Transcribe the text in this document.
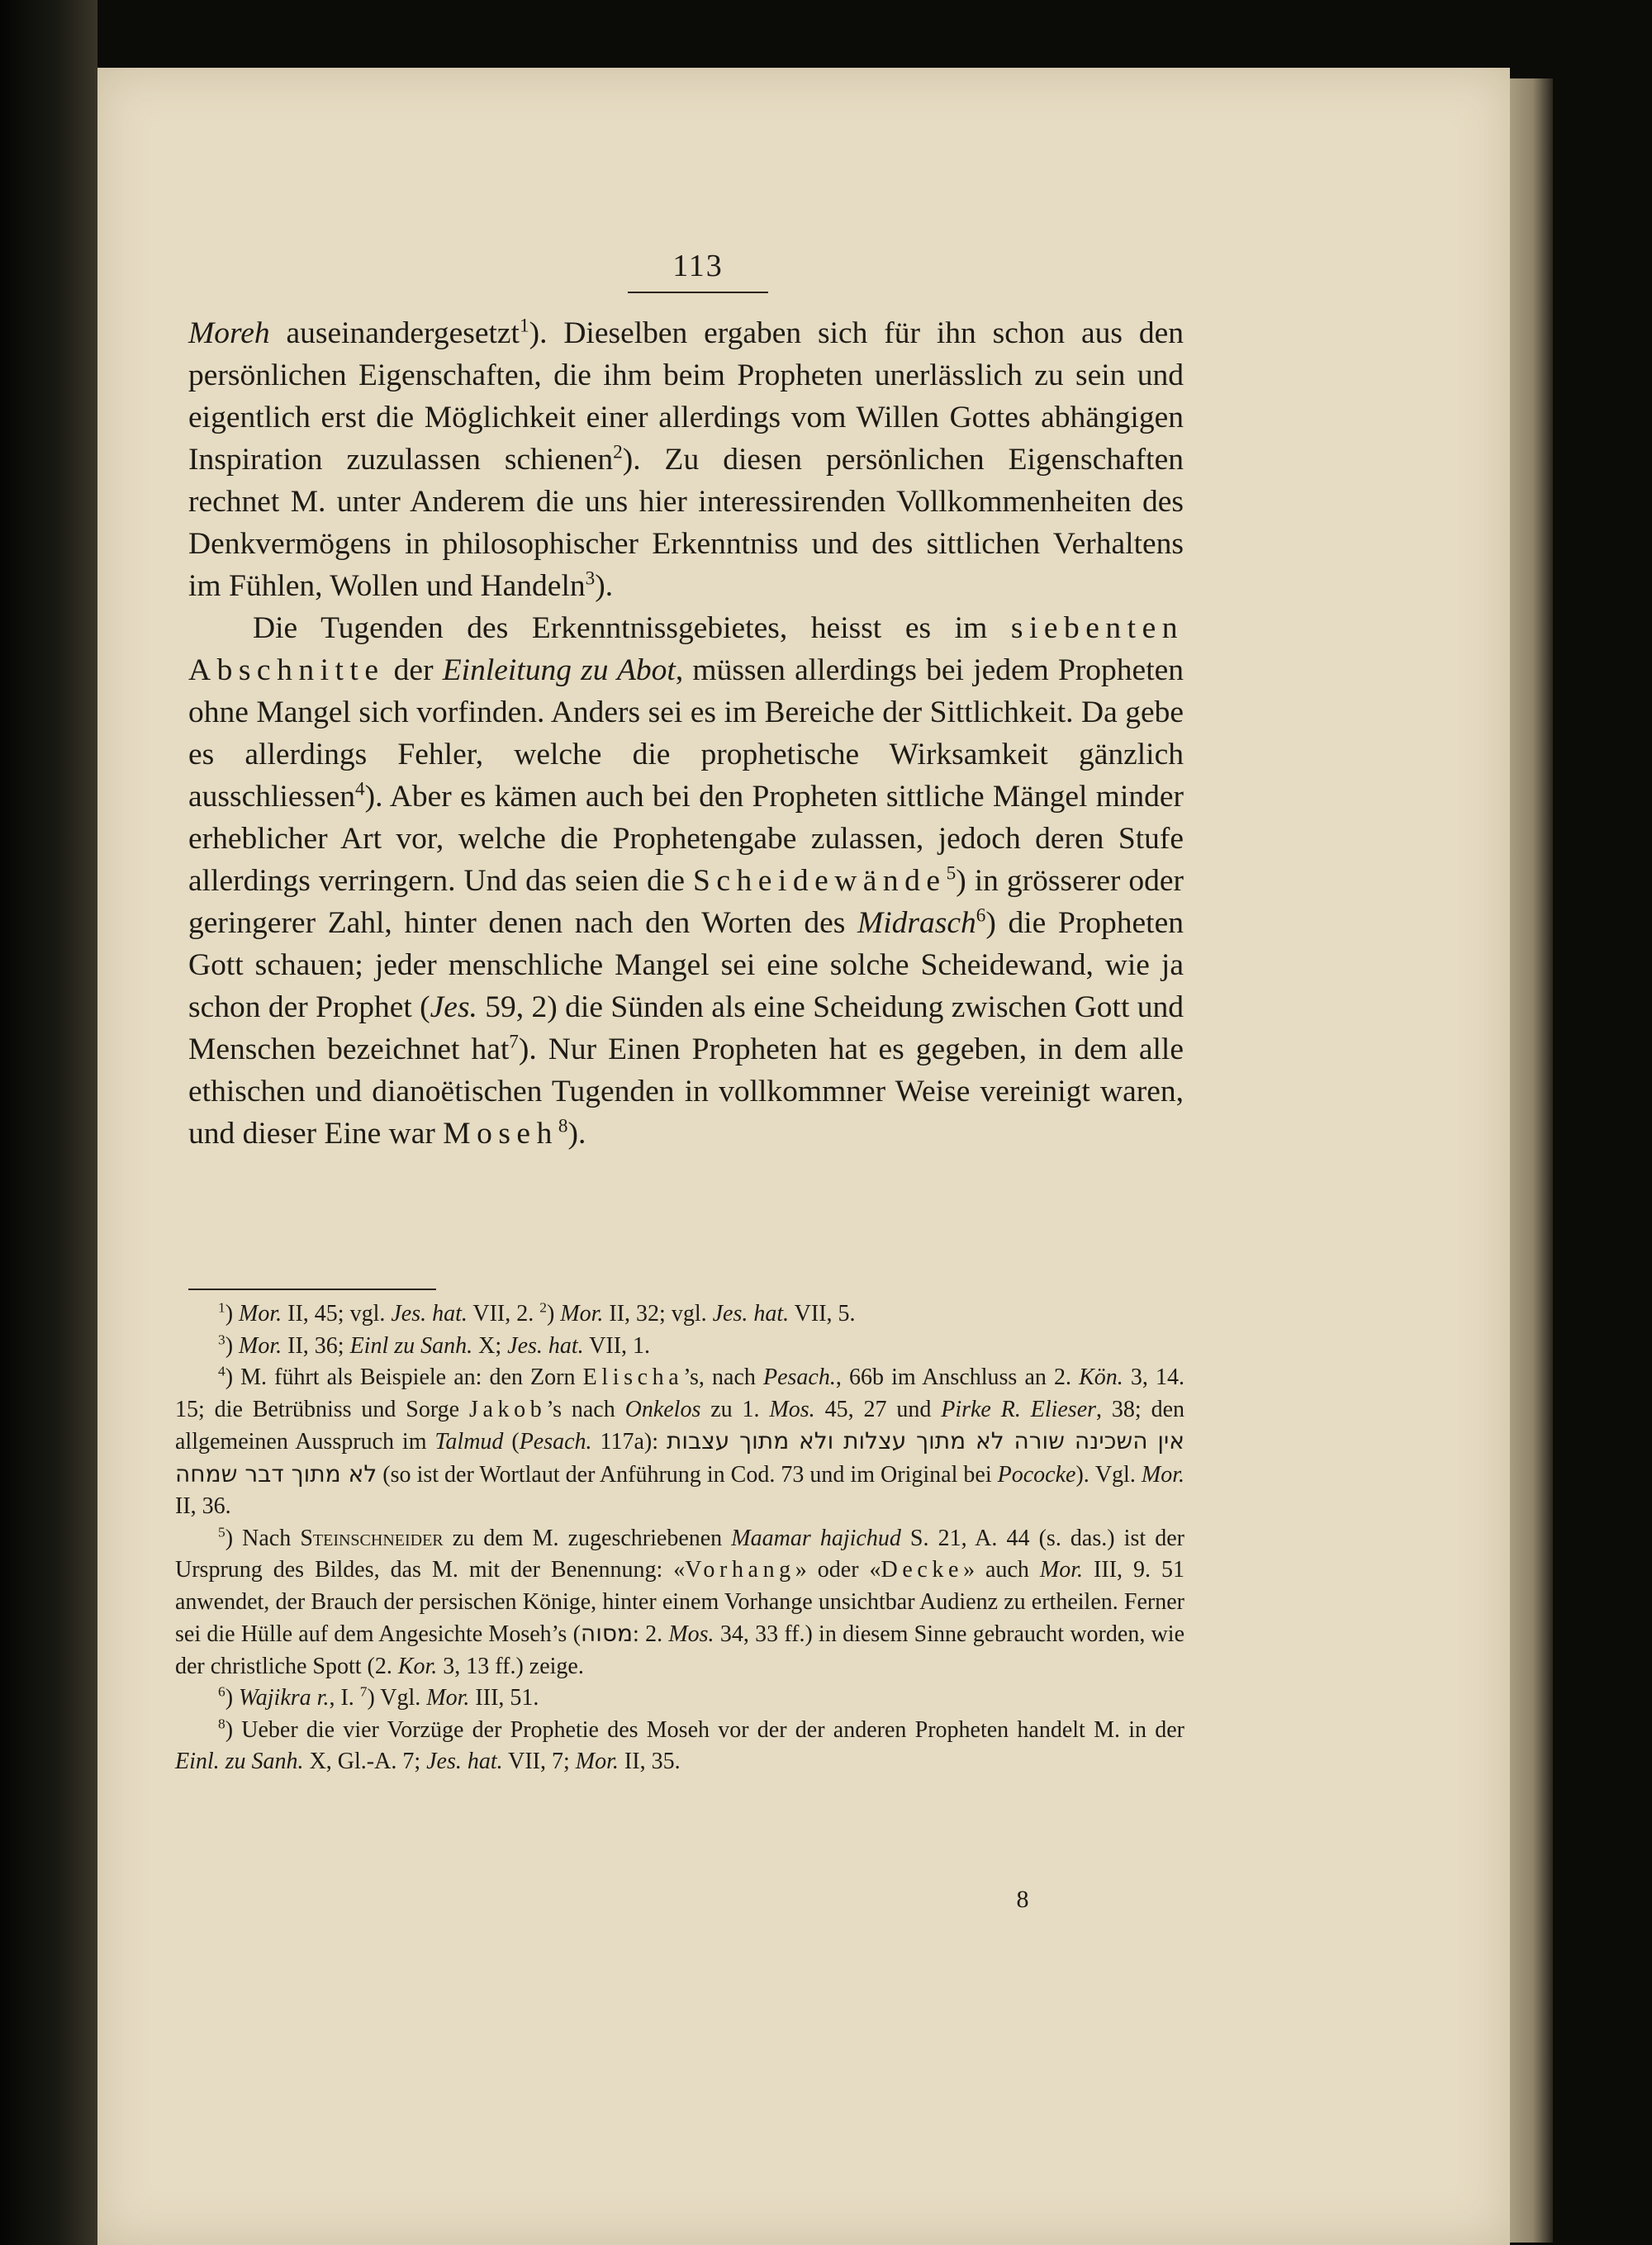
113

Moreh auseinandergesetzt$^1$). Dieselben ergaben sich für ihn schon aus den persönlichen Eigenschaften, die ihm beim Propheten unerlässlich zu sein und eigentlich erst die Möglichkeit einer allerdings vom Willen Gottes abhängigen Inspiration zuzulassen schienen$^2$). Zu diesen persönlichen Eigenschaften rechnet M. unter Anderem die uns hier interessirenden Vollkommenheiten des Denkvermögens in philosophischer Erkenntniss und des sittlichen Verhaltens im Fühlen, Wollen und Handeln$^3$).

Die Tugenden des Erkenntnissgebietes, heisst es im siebenten Abschnitte der Einleitung zu Abot, müssen allerdings bei jedem Propheten ohne Mangel sich vorfinden. Anders sei es im Bereiche der Sittlichkeit. Da gebe es allerdings Fehler, welche die prophetische Wirksamkeit gänzlich ausschliessen$^4$). Aber es kämen auch bei den Propheten sittliche Mängel minder erheblicher Art vor, welche die Prophetengabe zulassen, jedoch deren Stufe allerdings verringern. Und das seien die Scheidewände$^5$) in grösserer oder geringerer Zahl, hinter denen nach den Worten des Midrasch$^6$) die Propheten Gott schauen; jeder menschliche Mangel sei eine solche Scheidewand, wie ja schon der Prophet (Jes. 59, 2) die Sünden als eine Scheidung zwischen Gott und Menschen bezeichnet hat$^7$). Nur Einen Propheten hat es gegeben, in dem alle ethischen und dianoëtischen Tugenden in vollkommner Weise vereinigt waren, und dieser Eine war Moseh$^8$).

$^1$) Mor. II, 45; vgl. Jes. hat. VII, 2. $^2$) Mor. II, 32; vgl. Jes. hat. VII, 5.

$^3$) Mor. II, 36; Einl zu Sanh. X; Jes. hat. VII, 1.

$^4$) M. führt als Beispiele an: den Zorn Elischa’s, nach Pesach., 66b im Anschluss an 2. Kön. 3, 14. 15; die Betrübniss und Sorge Jakob’s nach Onkelos zu 1. Mos. 45, 27 und Pirke R. Elieser, 38; den allgemeinen Ausspruch im Talmud (Pesach. 117a): אין השכינה שורה לא מתוך עצלות ולא מתוך עצבות לא מתוך דבר שמחה (so ist der Wortlaut der Anführung in Cod. 73 und im Original bei Pococke). Vgl. Mor. II, 36.

$^5$) Nach Steinschneider zu dem M. zugeschriebenen Maamar hajichud S. 21, A. 44 (s. das.) ist der Ursprung des Bildes, das M. mit der Benennung: «Vorhang» oder «Decke» auch Mor. III, 9. 51 anwendet, der Brauch der persischen Könige, hinter einem Vorhange unsichtbar Audienz zu ertheilen. Ferner sei die Hülle auf dem Angesichte Moseh’s (מסוה: 2. Mos. 34, 33 ff.) in diesem Sinne gebraucht worden, wie der christliche Spott (2. Kor. 3, 13 ff.) zeige.

$^6$) Wajikra r., I. $^7$) Vgl. Mor. III, 51.

$^8$) Ueber die vier Vorzüge der Prophetie des Moseh vor der der anderen Propheten handelt M. in der Einl. zu Sanh. X, Gl.-A. 7; Jes. hat. VII, 7; Mor. II, 35.

8
